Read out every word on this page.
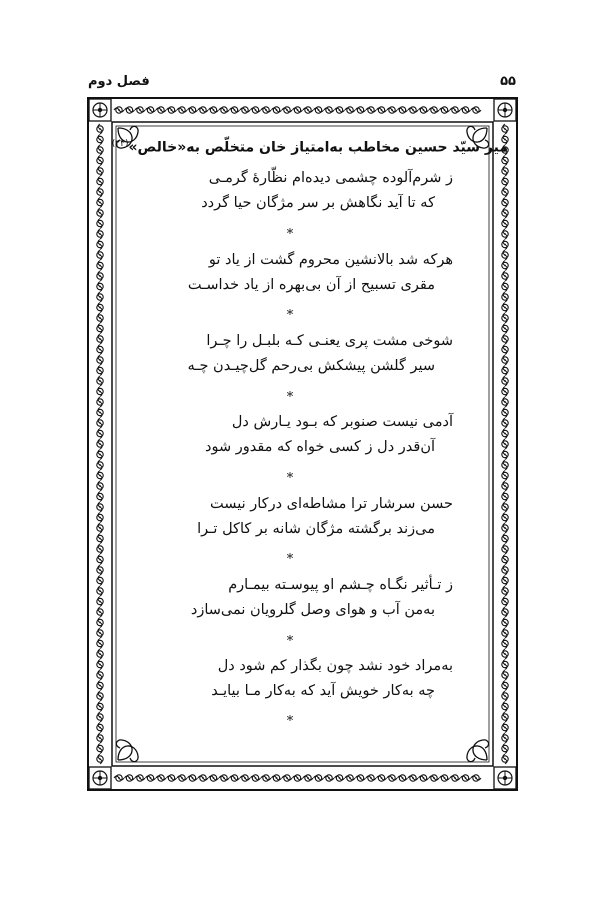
۵۵
فصل دوم
میر سیّد حسین مخاطب به‌امتیاز خان متخلّص به«خالص»$^{(۲۴)}$
ز شرم‌آلوده چشمی دیده‌ام نظّارهٔ گرمـی
که تا آید نگاهش بر سر مژگان حیا گردد
*
هرکه شد بالانشین محروم گشت از یاد تو
مقری تسبیح از آن بی‌بهره از یاد خداسـت
*
شوخی مشت پری یعنـی کـه بلبـل را چـرا
سیر گلشن پیشکش بی‌رحم گل‌چیـدن چـه
*
آدمی نیست صنوبر که بـود یـارش دل
آن‌قدر دل ز کسی خواه که مقدور شود
*
حسن سرشار ترا مشاطه‌ای درکار نیست
می‌زند برگشته مژگان شانه بر کاکل تـرا
*
ز تـأثیر نگـاه چـشم او پیوسـته بیمـارم
به‌من آب و هوای وصل گلرویان نمی‌سازد
*
به‌مراد خود نشد چون بگذار کم شود دل
چه به‌کار خویش آید که به‌کار مـا بیایـد
*
